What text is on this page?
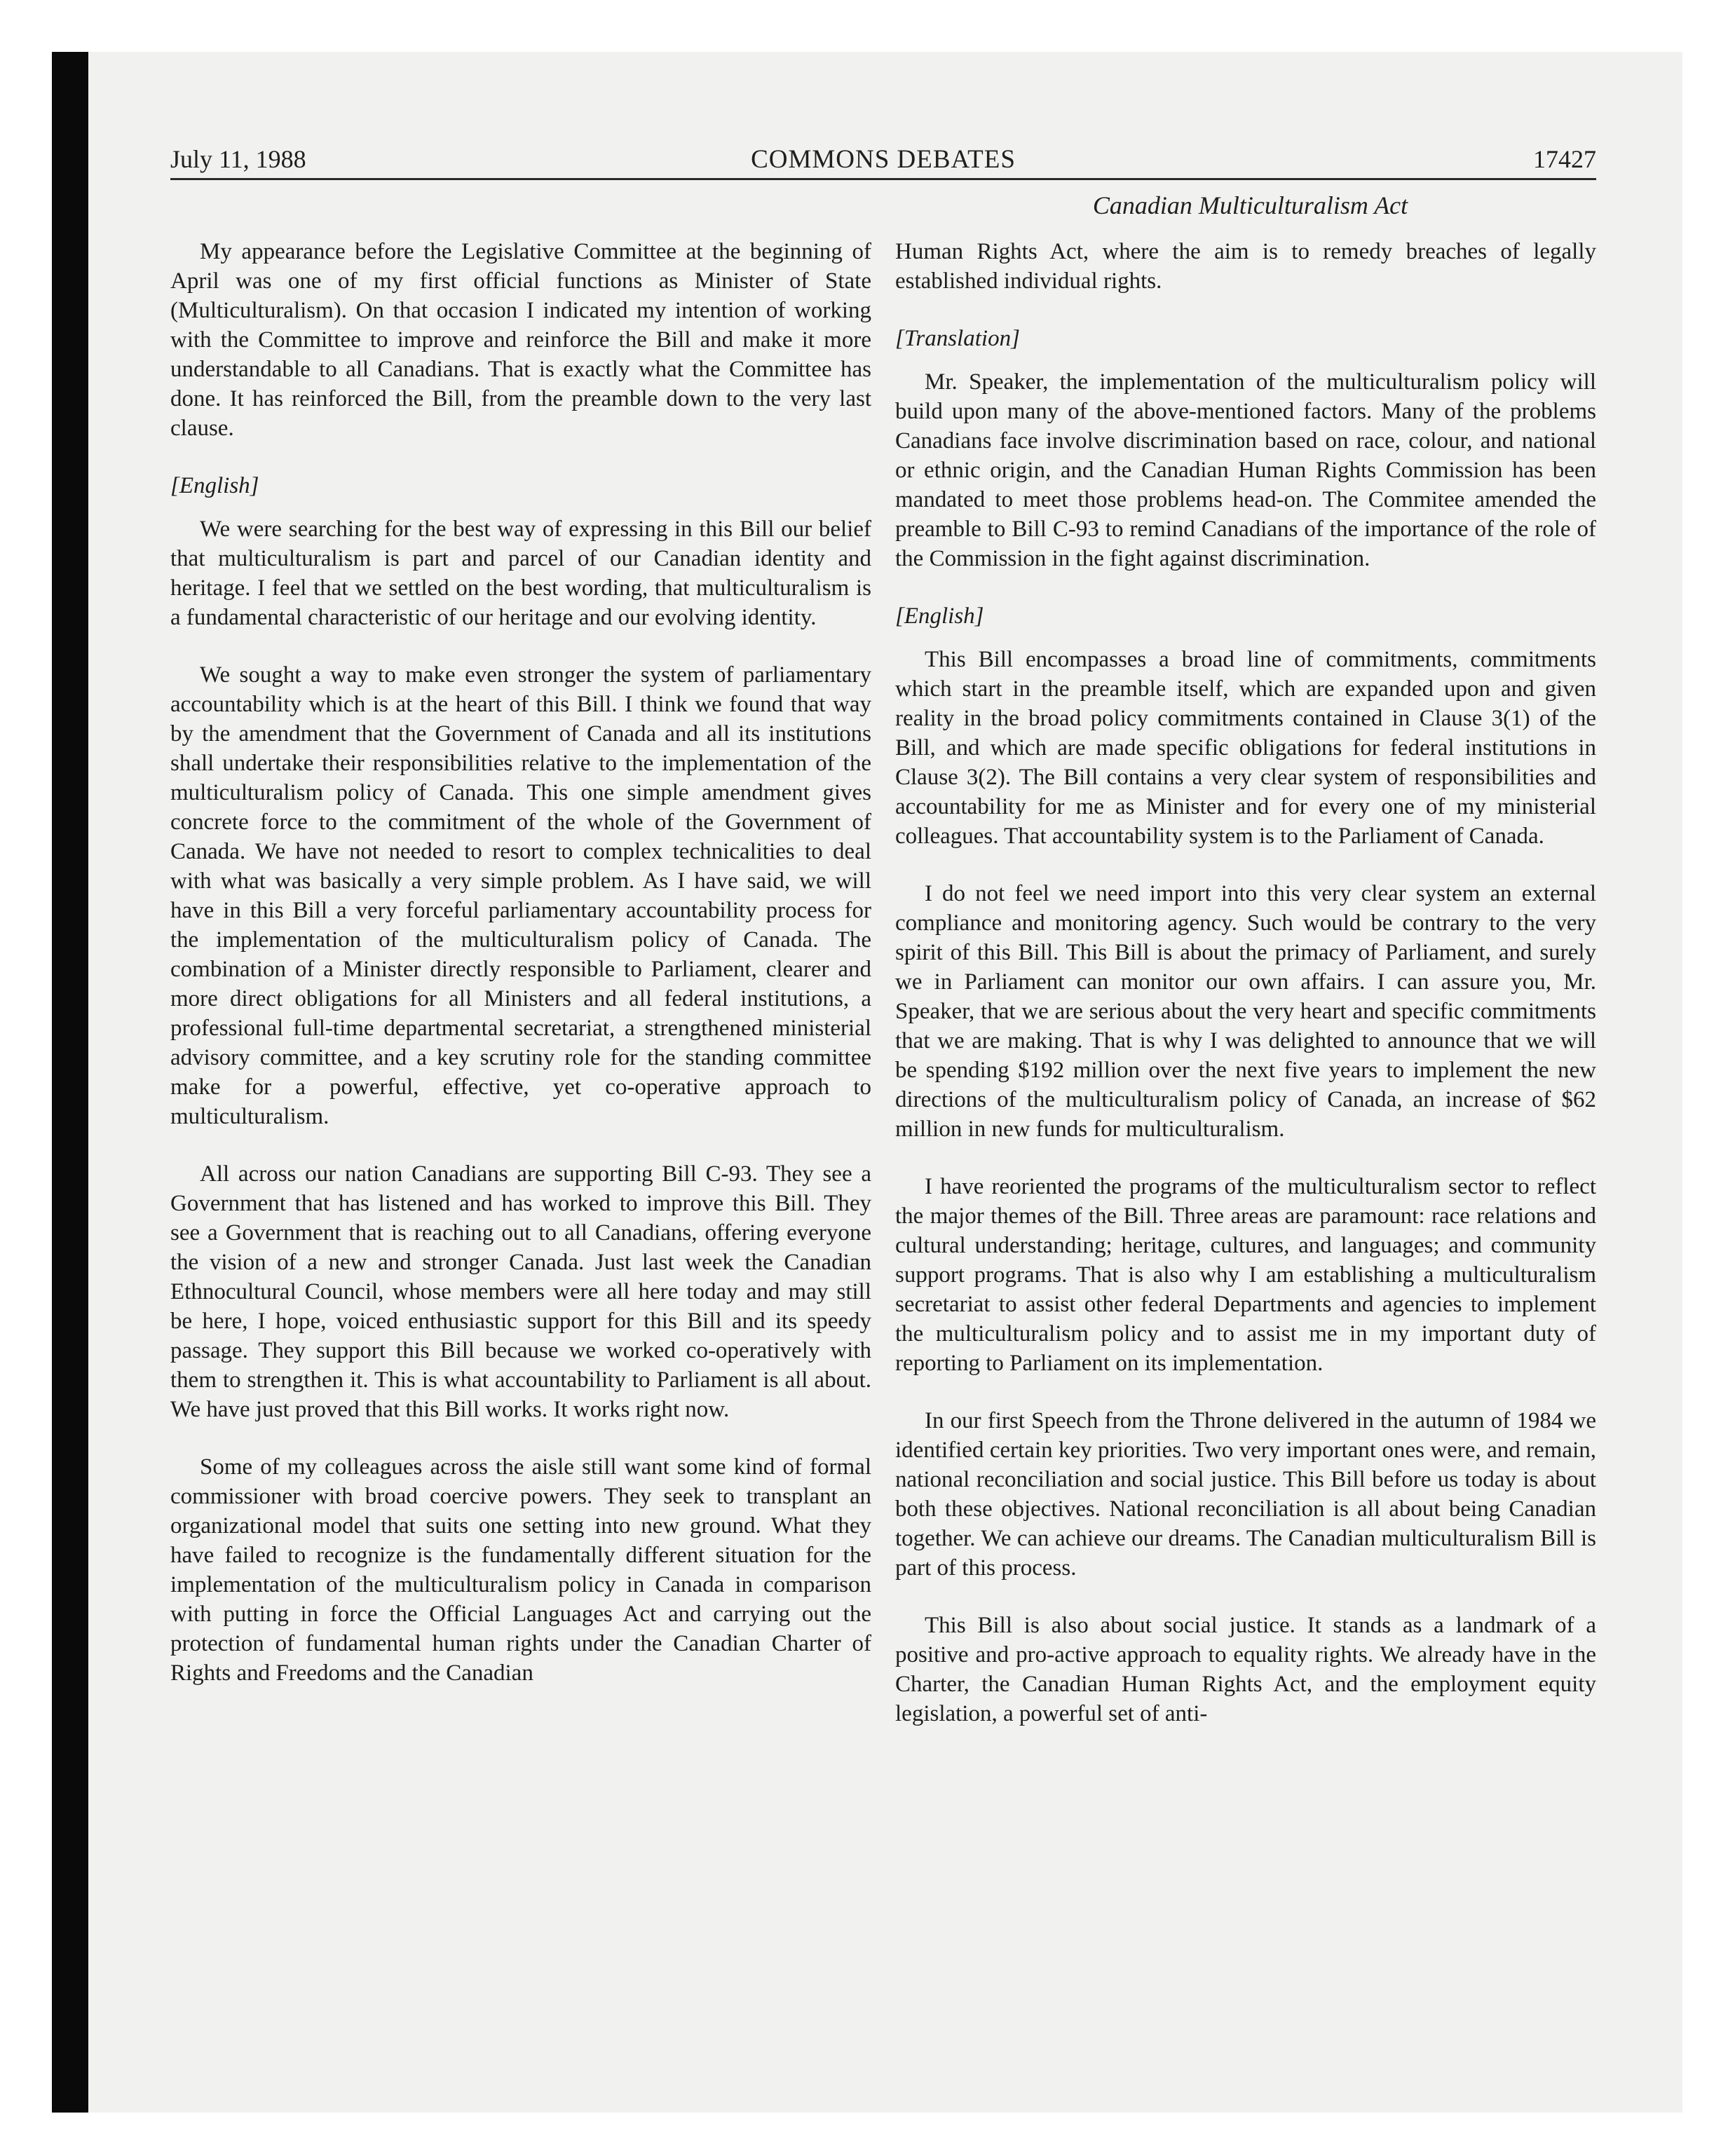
July 11, 1988	COMMONS DEBATES	17427
Canadian Multiculturalism Act

My appearance before the Legislative Committee at the beginning of April was one of my first official functions as Minister of State (Multiculturalism). On that occasion I indicated my intention of working with the Committee to improve and reinforce the Bill and make it more understandable to all Canadians. That is exactly what the Committee has done. It has reinforced the Bill, from the preamble down to the very last clause.

[English]

We were searching for the best way of expressing in this Bill our belief that multiculturalism is part and parcel of our Canadian identity and heritage. I feel that we settled on the best wording, that multiculturalism is a fundamental characteristic of our heritage and our evolving identity.

We sought a way to make even stronger the system of parliamentary accountability which is at the heart of this Bill. I think we found that way by the amendment that the Government of Canada and all its institutions shall undertake their responsibilities relative to the implementation of the multiculturalism policy of Canada. This one simple amendment gives concrete force to the commitment of the whole of the Government of Canada. We have not needed to resort to complex technicalities to deal with what was basically a very simple problem. As I have said, we will have in this Bill a very forceful parliamentary accountability process for the implementation of the multiculturalism policy of Canada. The combination of a Minister directly responsible to Parliament, clearer and more direct obligations for all Ministers and all federal institutions, a professional full-time departmental secretariat, a strengthened ministerial advisory committee, and a key scrutiny role for the standing committee make for a powerful, effective, yet co-operative approach to multiculturalism.

All across our nation Canadians are supporting Bill C-93. They see a Government that has listened and has worked to improve this Bill. They see a Government that is reaching out to all Canadians, offering everyone the vision of a new and stronger Canada. Just last week the Canadian Ethnocultural Council, whose members were all here today and may still be here, I hope, voiced enthusiastic support for this Bill and its speedy passage. They support this Bill because we worked co-operatively with them to strengthen it. This is what accountability to Parliament is all about. We have just proved that this Bill works. It works right now.

Some of my colleagues across the aisle still want some kind of formal commissioner with broad coercive powers. They seek to transplant an organizational model that suits one setting into new ground. What they have failed to recognize is the fundamentally different situation for the implementation of the multiculturalism policy in Canada in comparison with putting in force the Official Languages Act and carrying out the protection of fundamental human rights under the Canadian Charter of Rights and Freedoms and the Canadian

Human Rights Act, where the aim is to remedy breaches of legally established individual rights.

[Translation]

Mr. Speaker, the implementation of the multiculturalism policy will build upon many of the above-mentioned factors. Many of the problems Canadians face involve discrimination based on race, colour, and national or ethnic origin, and the Canadian Human Rights Commission has been mandated to meet those problems head-on. The Commitee amended the preamble to Bill C-93 to remind Canadians of the importance of the role of the Commission in the fight against discrimination.

[English]

This Bill encompasses a broad line of commitments, commitments which start in the preamble itself, which are expanded upon and given reality in the broad policy commitments contained in Clause 3(1) of the Bill, and which are made specific obligations for federal institutions in Clause 3(2). The Bill contains a very clear system of responsibilities and accountability for me as Minister and for every one of my ministerial colleagues. That accountability system is to the Parliament of Canada.

I do not feel we need import into this very clear system an external compliance and monitoring agency. Such would be contrary to the very spirit of this Bill. This Bill is about the primacy of Parliament, and surely we in Parliament can monitor our own affairs. I can assure you, Mr. Speaker, that we are serious about the very heart and specific commitments that we are making. That is why I was delighted to announce that we will be spending $192 million over the next five years to implement the new directions of the multiculturalism policy of Canada, an increase of $62 million in new funds for multiculturalism.

I have reoriented the programs of the multiculturalism sector to reflect the major themes of the Bill. Three areas are paramount: race relations and cultural understanding; heritage, cultures, and languages; and community support programs. That is also why I am establishing a multiculturalism secretariat to assist other federal Departments and agencies to implement the multiculturalism policy and to assist me in my important duty of reporting to Parliament on its implementation.

In our first Speech from the Throne delivered in the autumn of 1984 we identified certain key priorities. Two very important ones were, and remain, national reconciliation and social justice. This Bill before us today is about both these objectives. National reconciliation is all about being Canadian together. We can achieve our dreams. The Canadian multiculturalism Bill is part of this process.

This Bill is also about social justice. It stands as a landmark of a positive and pro-active approach to equality rights. We already have in the Charter, the Canadian Human Rights Act, and the employment equity legislation, a powerful set of anti-
